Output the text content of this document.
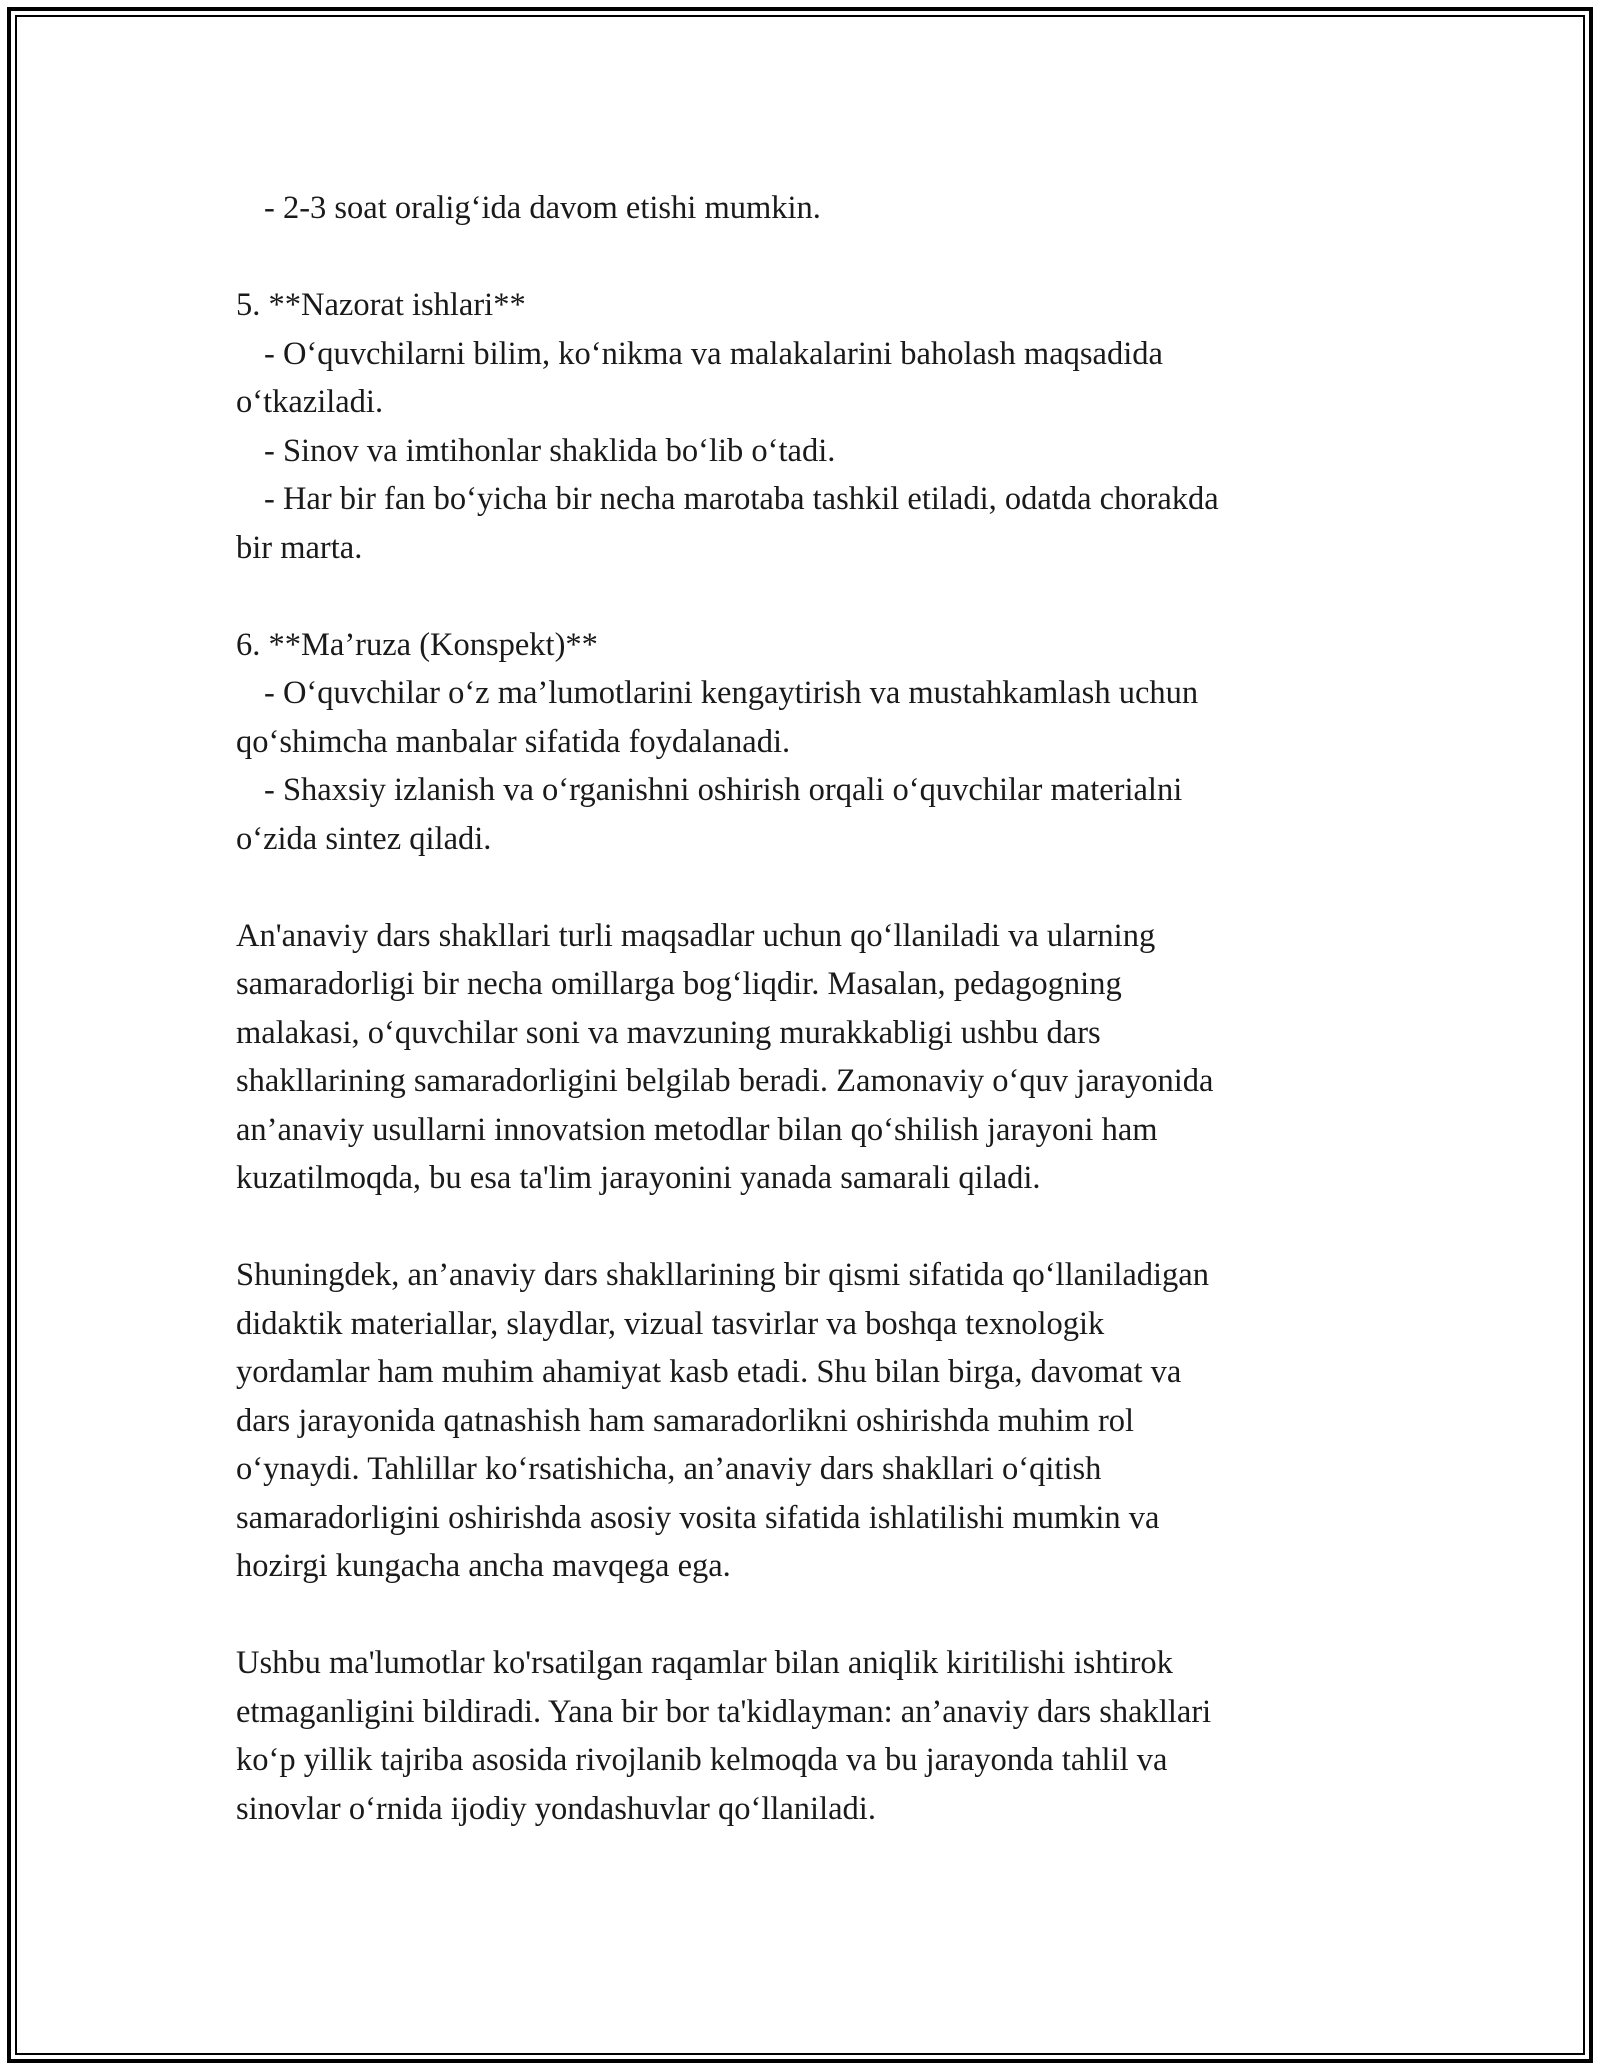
- 2-3 soat oralig‘ida davom etishi mumkin.
5. **Nazorat ishlari**
- O‘quvchilarni bilim, ko‘nikma va malakalarini baholash maqsadida
o‘tkaziladi.
- Sinov va imtihonlar shaklida bo‘lib o‘tadi.
- Har bir fan bo‘yicha bir necha marotaba tashkil etiladi, odatda chorakda
bir marta.
6. **Ma’ruza (Konspekt)**
- O‘quvchilar o‘z ma’lumotlarini kengaytirish va mustahkamlash uchun
qo‘shimcha manbalar sifatida foydalanadi.
- Shaxsiy izlanish va o‘rganishni oshirish orqali o‘quvchilar materialni
o‘zida sintez qiladi.
An'anaviy dars shakllari turli maqsadlar uchun qo‘llaniladi va ularning
samaradorligi bir necha omillarga bog‘liqdir. Masalan, pedagogning
malakasi, o‘quvchilar soni va mavzuning murakkabligi ushbu dars
shakllarining samaradorligini belgilab beradi. Zamonaviy o‘quv jarayonida
an’anaviy usullarni innovatsion metodlar bilan qo‘shilish jarayoni ham
kuzatilmoqda, bu esa ta'lim jarayonini yanada samarali qiladi.
Shuningdek, an’anaviy dars shakllarining bir qismi sifatida qo‘llaniladigan
didaktik materiallar, slaydlar, vizual tasvirlar va boshqa texnologik
yordamlar ham muhim ahamiyat kasb etadi. Shu bilan birga, davomat va
dars jarayonida qatnashish ham samaradorlikni oshirishda muhim rol
o‘ynaydi. Tahlillar ko‘rsatishicha, an’anaviy dars shakllari o‘qitish
samaradorligini oshirishda asosiy vosita sifatida ishlatilishi mumkin va
hozirgi kungacha ancha mavqega ega.
Ushbu ma'lumotlar ko'rsatilgan raqamlar bilan aniqlik kiritilishi ishtirok
etmaganligini bildiradi. Yana bir bor ta'kidlayman: an’anaviy dars shakllari
ko‘p yillik tajriba asosida rivojlanib kelmoqda va bu jarayonda tahlil va
sinovlar o‘rnida ijodiy yondashuvlar qo‘llaniladi.
